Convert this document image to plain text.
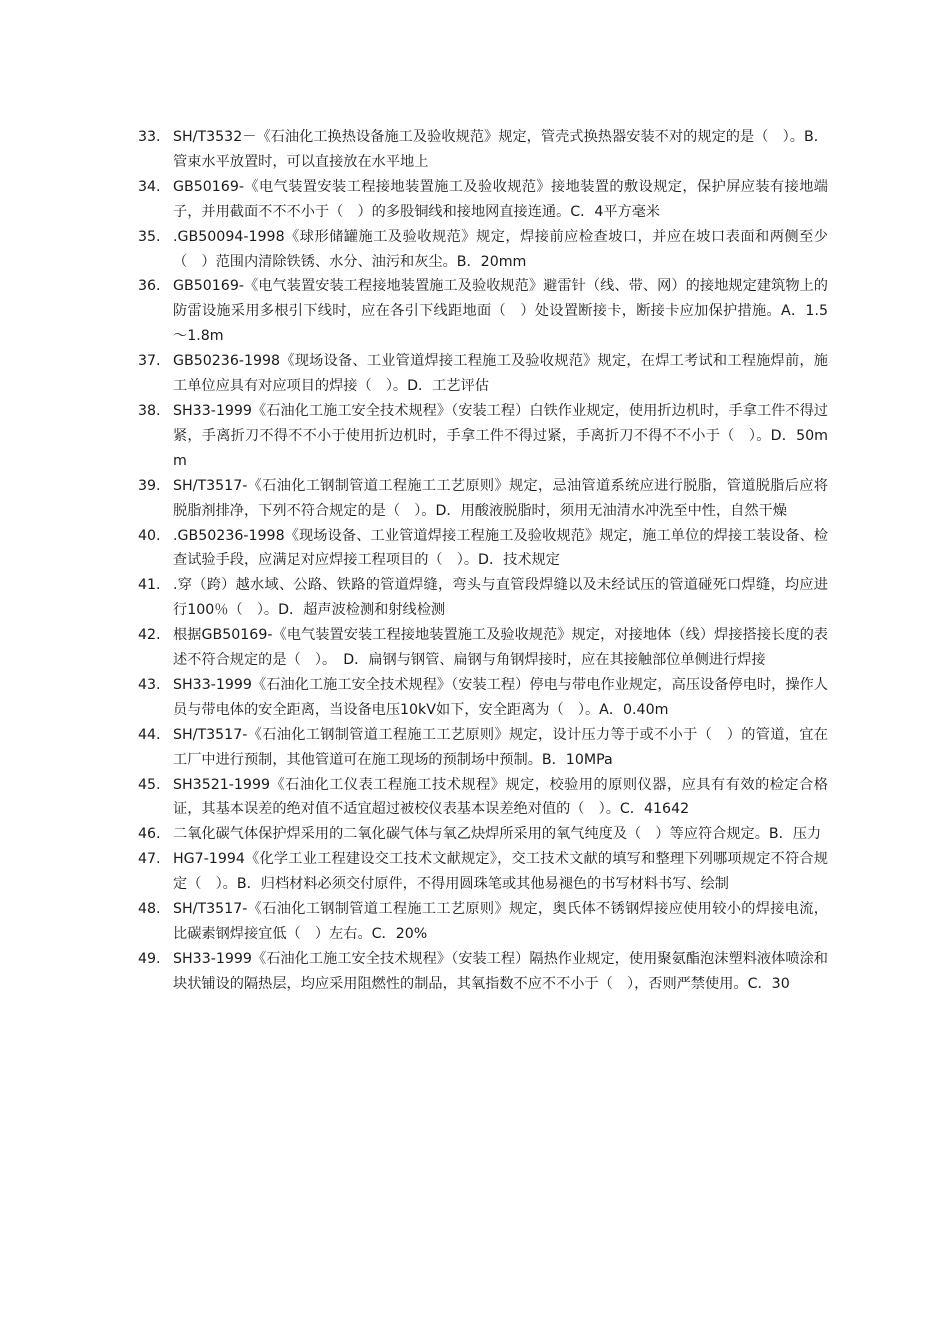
33. SH/T3532－《石油化工换热设备施工及验收规范》规定，管壳式换热器安装不对的规定的是（　）。B．管束水平放置时，可以直接放在水平地上
34. GB50169-《电气装置安装工程接地装置施工及验收规范》接地装置的敷设规定，保护屏应装有接地端子，并用截面不不不小于（　）的多股铜线和接地网直接连通。C．4平方毫米
35. .GB50094-1998《球形储罐施工及验收规范》规定，焊接前应检查坡口，并应在坡口表面和两侧至少（　）范围内清除铁锈、水分、油污和灰尘。B．20mm
36. GB50169-《电气装置安装工程接地装置施工及验收规范》避雷针（线、带、网）的接地规定建筑物上的防雷设施采用多根引下线时，应在各引下线距地面（　）处设置断接卡，断接卡应加保护措施。A．1.5～1.8m
37. GB50236-1998《现场设备、工业管道焊接工程施工及验收规范》规定，在焊工考试和工程施焊前，施工单位应具有对应项目的焊接（　）。D．工艺评估
38. SH33-1999《石油化工施工安全技术规程》（安装工程）白铁作业规定，使用折边机时，手拿工件不得过紧，手离折刀不得不不小于使用折边机时，手拿工件不得过紧，手离折刀不得不不小于（　）。D．50mm
39. SH/T3517-《石油化工钢制管道工程施工工艺原则》规定，忌油管道系统应进行脱脂，管道脱脂后应将脱脂剂排净，下列不符合规定的是（　）。D．用酸液脱脂时，须用无油清水冲洗至中性，自然干燥
40. .GB50236-1998《现场设备、工业管道焊接工程施工及验收规范》规定，施工单位的焊接工装设备、检查试验手段，应满足对应焊接工程项目的（　）。D．技术规定
41. .穿（跨）越水域、公路、铁路的管道焊缝，弯头与直管段焊缝以及未经试压的管道碰死口焊缝，均应进行100％（　）。D．超声波检测和射线检测
42. 根据GB50169-《电气装置安装工程接地装置施工及验收规范》规定，对接地体（线）焊接搭接长度的表述不符合规定的是（　）。　D．扁钢与钢管、扁钢与角钢焊接时，应在其接触部位单侧进行焊接
43. SH33-1999《石油化工施工安全技术规程》（安装工程）停电与带电作业规定，高压设备停电时，操作人员与带电体的安全距离，当设备电压10kV如下，安全距离为（　）。A．0.40m
44. SH/T3517-《石油化工钢制管道工程施工工艺原则》规定，设计压力等于或不小于（　）的管道，宜在工厂中进行预制，其他管道可在施工现场的预制场中预制。B．10MPa
45. SH3521-1999《石油化工仪表工程施工技术规程》规定，校验用的原则仪器，应具有有效的检定合格证，其基本误差的绝对值不适宜超过被校仪表基本误差绝对值的（　）。C．41642
46. 二氧化碳气体保护焊采用的二氧化碳气体与氧乙炔焊所采用的氧气纯度及（　）等应符合规定。B．压力
47. HG7-1994《化学工业工程建设交工技术文献规定》，交工技术文献的填写和整理下列哪项规定不符合规定（　）。B．归档材料必须交付原件，不得用圆珠笔或其他易褪色的书写材料书写、绘制
48. SH/T3517-《石油化工钢制管道工程施工工艺原则》规定，奥氏体不锈钢焊接应使用较小的焊接电流，比碳素钢焊接宜低（　）左右。C．20%
49. SH33-1999《石油化工施工安全技术规程》（安装工程）隔热作业规定，使用聚氨酯泡沫塑料液体喷涂和块状铺设的隔热层，均应采用阻燃性的制品，其氧指数不应不不小于（　），否则严禁使用。C．30
